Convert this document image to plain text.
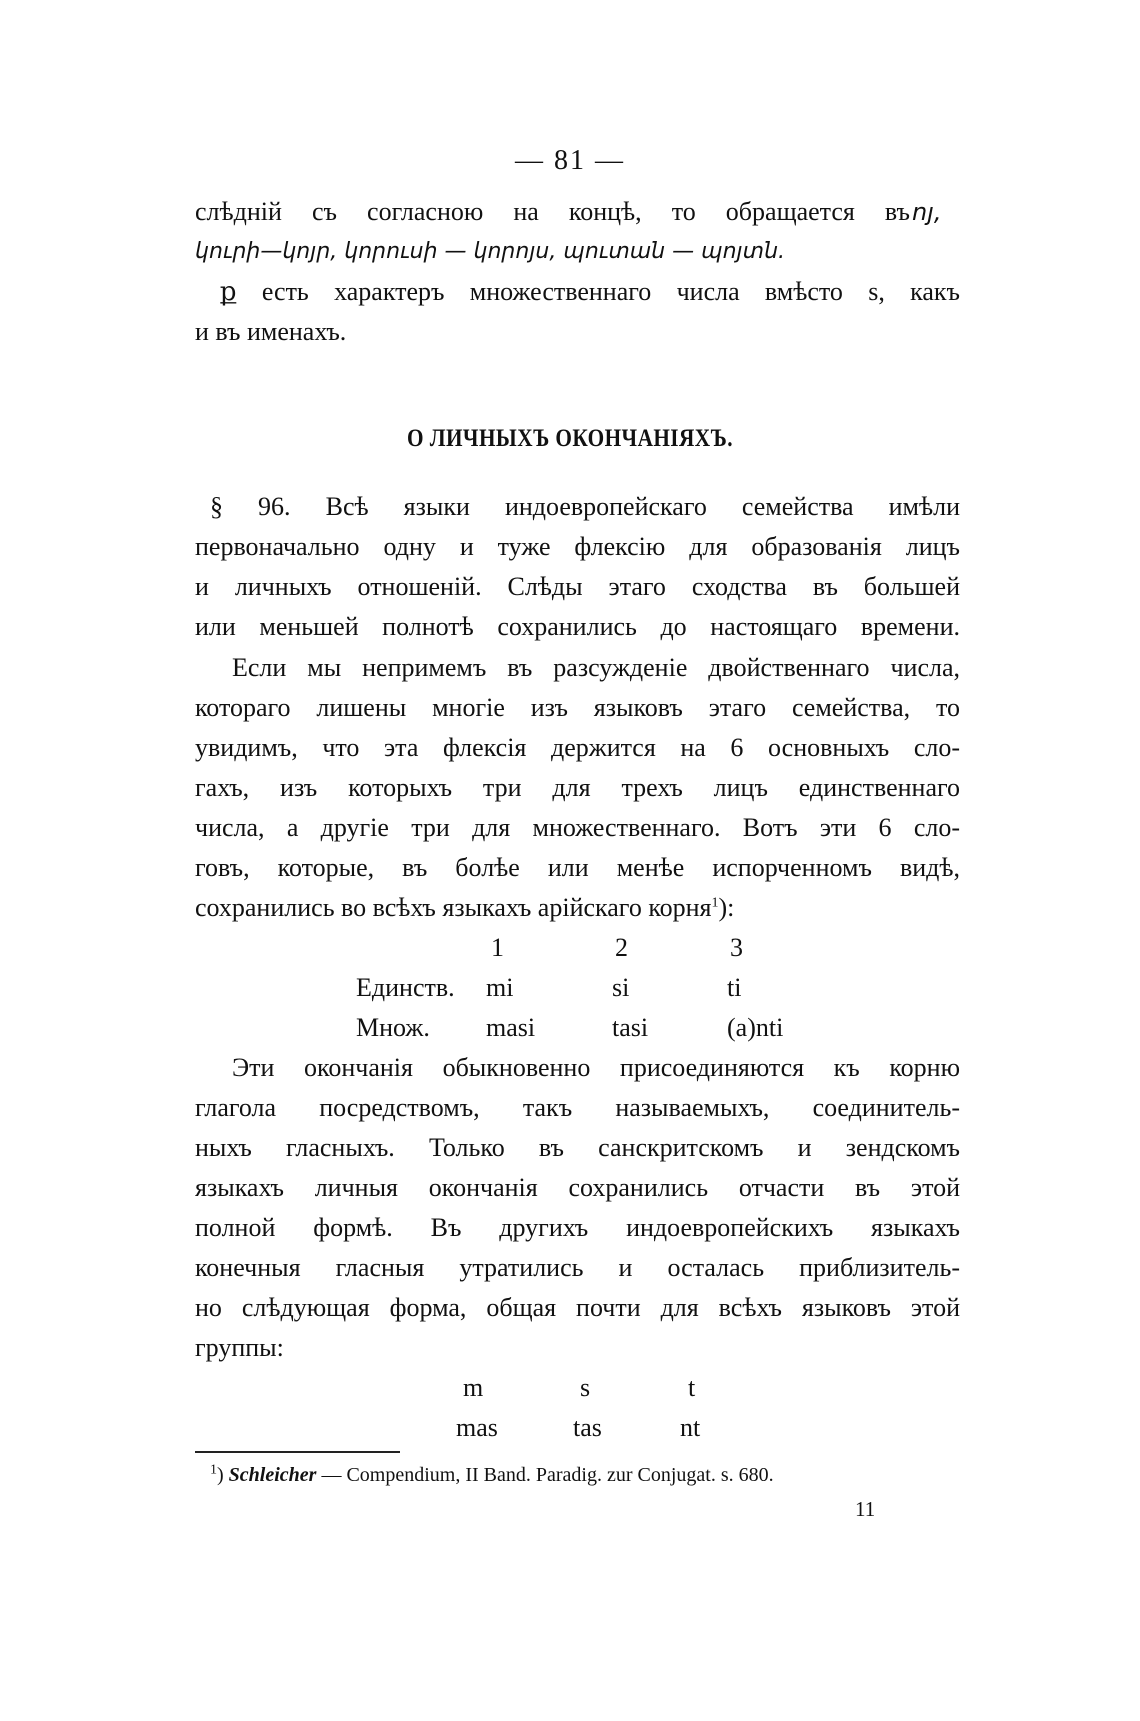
— 81 —
слѣдній съ согласною на концѣ, то обращается въ ոյ,
կուրի—կոյր, կորուսի — կորոյս, պուտան — պոյտն.
ք есть характеръ множественнаго числа вмѣсто s, какъ
и въ именахъ.
О ЛИЧНЫХЪ ОКОНЧАНІЯХЪ.
§ 96. Всѣ языки индоевропейскаго семейства имѣли
первоначально одну и туже флексію для образованія лицъ
и личныхъ отношеній. Слѣды этаго сходства въ большей
или меньшей полнотѣ сохранились до настоящаго времени.
Если мы непримемъ въ разсужденіе двойственнаго числа,
котораго лишены многіе изъ языковъ этаго семейства, то
увидимъ, что эта флексія держится на 6 основныхъ сло-
гахъ, изъ которыхъ три для трехъ лицъ единственнаго
числа, а другіе три для множественнаго. Вотъ эти 6 сло-
говъ, которые, въ болѣе или менѣе испорченномъ видѣ,
сохранились во всѣхъ языкахъ арійскаго корня$^1$):
1	2	3
Единств. mi	si	ti
Множ. masi	tasi	(a)nti
Эти окончанія обыкновенно присоединяются къ корню
глагола посредствомъ, такъ называемыхъ, соединитель-
ныхъ гласныхъ. Только въ санскритскомъ и зендскомъ
языкахъ личныя окончанія сохранились отчасти въ этой
полной формѣ. Въ другихъ индоевропейскихъ языкахъ
конечныя гласныя утратились и осталась приблизитель-
но слѣдующая форма, общая почти для всѣхъ языковъ этой
группы:
m	s	t
mas	tas	nt
$^1$) Schleicher — Compendium, II Band. Paradig. zur Conjugat. s. 680.
11
